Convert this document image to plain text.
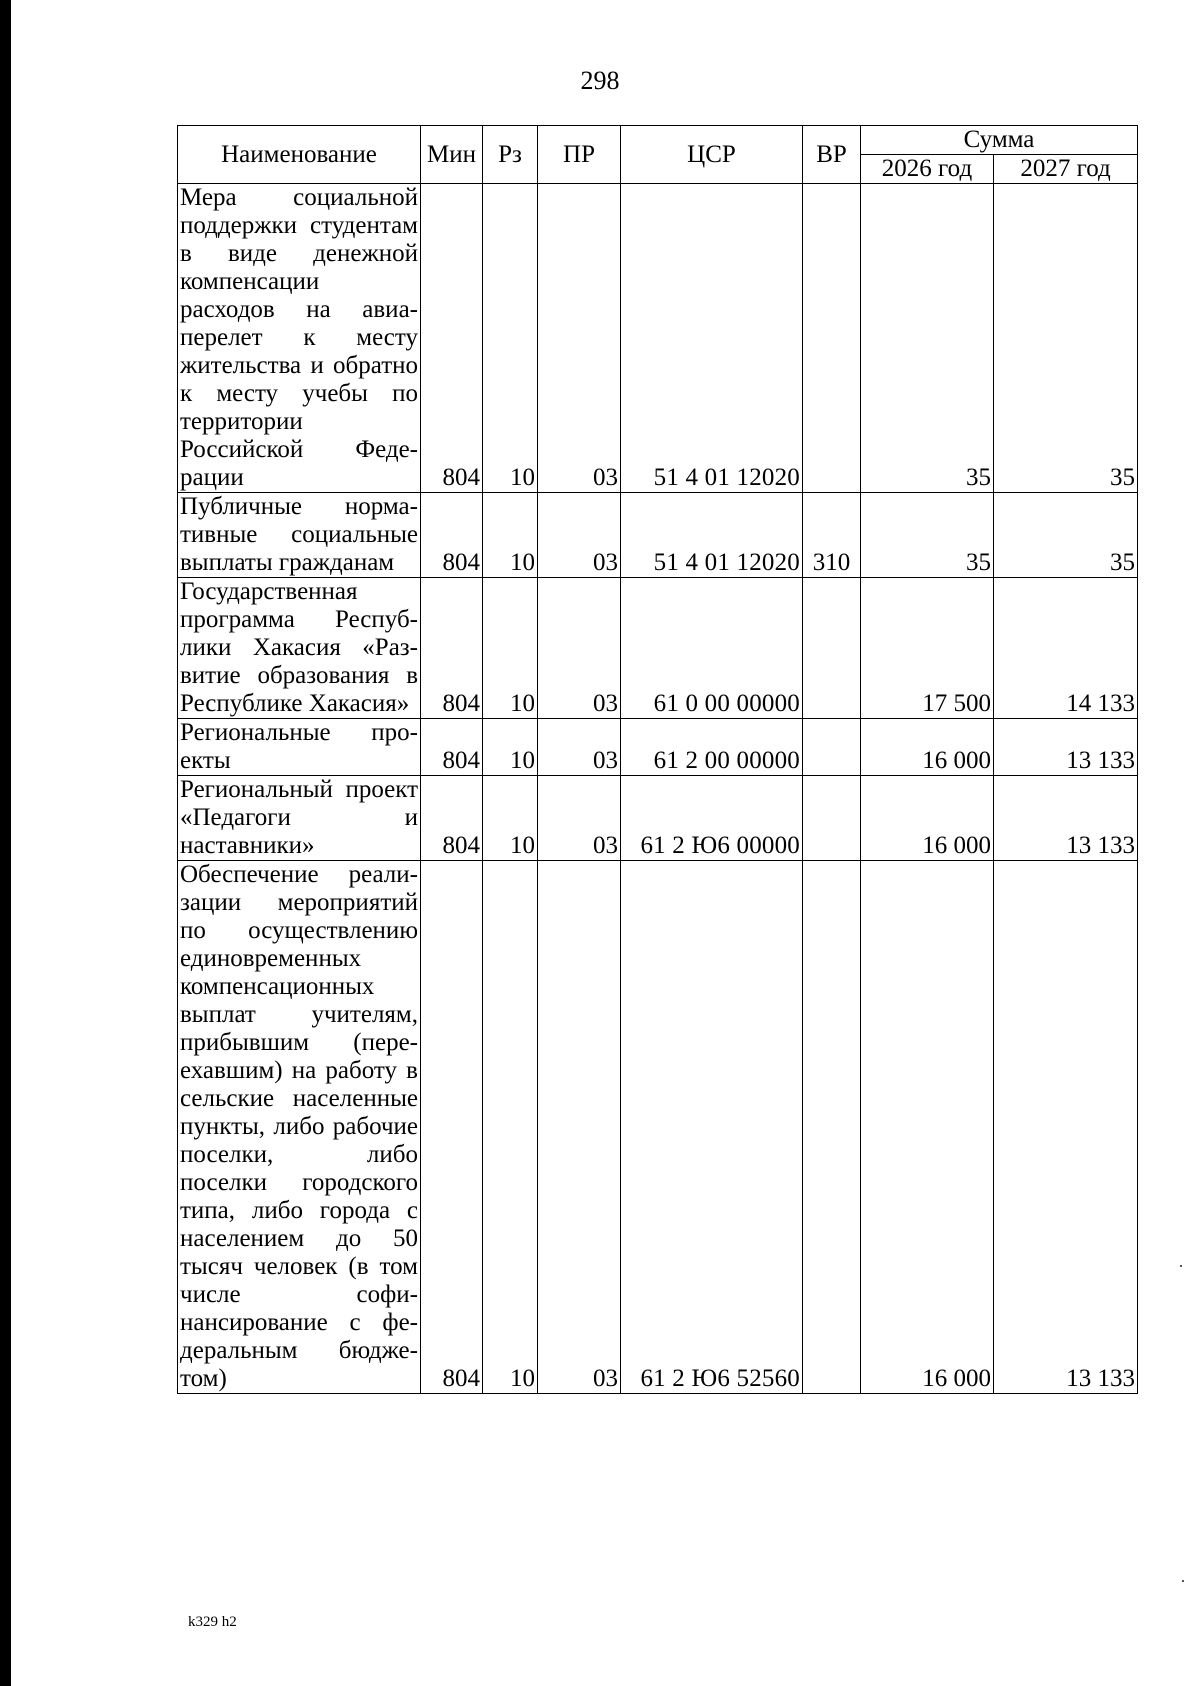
298
Наименование	Мин	Рз	ПР	ЦСР	ВР	Сумма	
						2026 год	2027 год
Мера социальной поддержки студентам в виде денежной компенсации расходов на авиаперелет к месту жительства и обратно к месту учебы по территории Российской Федерации	804	10	03	51 4 01 12020		35	35
Публичные нормативные социальные выплаты гражданам	804	10	03	51 4 01 12020	310	35	35
Государственная программа Республики Хакасия «Развитие образования в Республике Хакасия»	804	10	03	61 0 00 00000		17 500	14 133
Региональные проекты	804	10	03	61 2 00 00000		16 000	13 133
Региональный проект «Педагоги и наставники»	804	10	03	61 2 Ю6 00000		16 000	13 133
Обеспечение реализации мероприятий по осуществлению единовременных компенсационных выплат учителям, прибывшим (переехавшим) на работу в сельские населенные пункты, либо рабочие поселки, либо поселки городского типа, либо города с населением до 50 тысяч человек (в том числе софинансирование с федеральным бюджетом)	804	10	03	61 2 Ю6 52560		16 000	13 133
k329 h2
